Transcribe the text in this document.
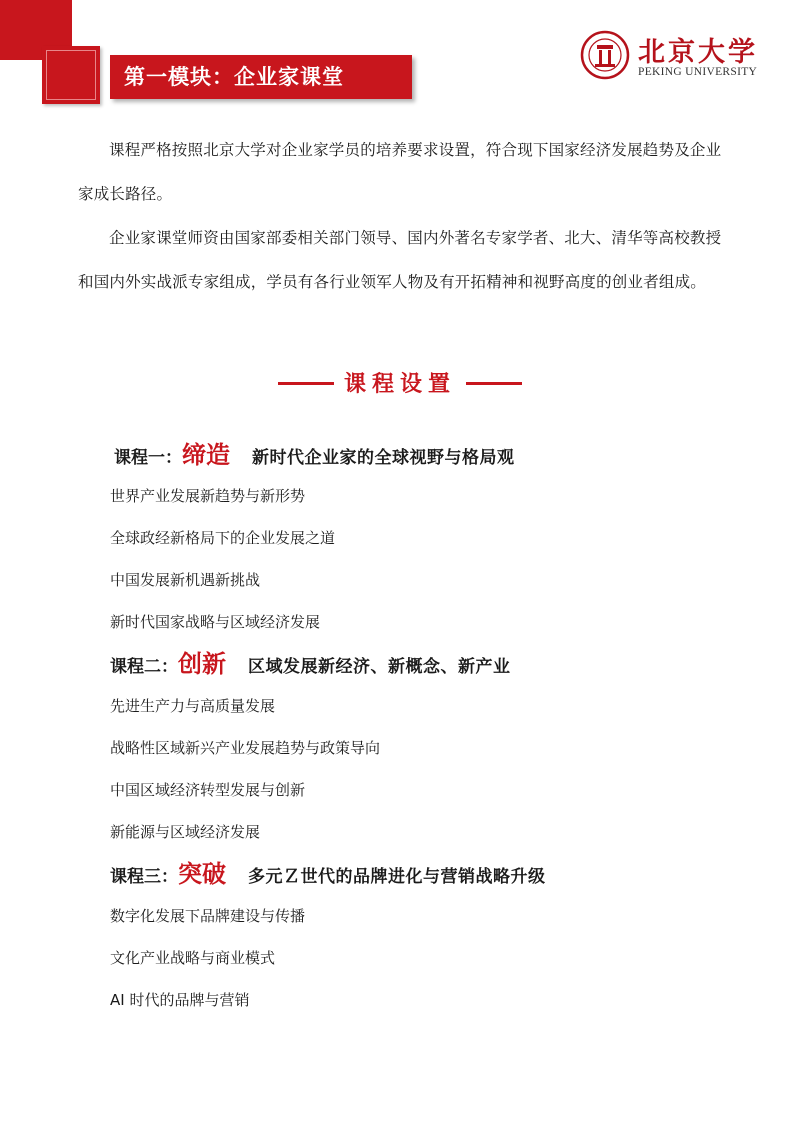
第一模块：企业家课堂
北京大学
PEKING UNIVERSITY
课程严格按照北京大学对企业家学员的培养要求设置，符合现下国家经济发展趋势及企业家成长路径。
企业家课堂师资由国家部委相关部门领导、国内外著名专家学者、北大、清华等高校教授和国内外实战派专家组成，学员有各行业领军人物及有开拓精神和视野高度的创业者组成。
课程设置
课程一：缔造 新时代企业家的全球视野与格局观
世界产业发展新趋势与新形势
全球政经新格局下的企业发展之道
中国发展新机遇新挑战
新时代国家战略与区域经济发展
课程二：创新 区域发展新经济、新概念、新产业
先进生产力与高质量发展
战略性区域新兴产业发展趋势与政策导向
中国区域经济转型发展与创新
新能源与区域经济发展
课程三：突破 多元Ｚ世代的品牌进化与营销战略升级
数字化发展下品牌建设与传播
文化产业战略与商业模式
AI 时代的品牌与营销
